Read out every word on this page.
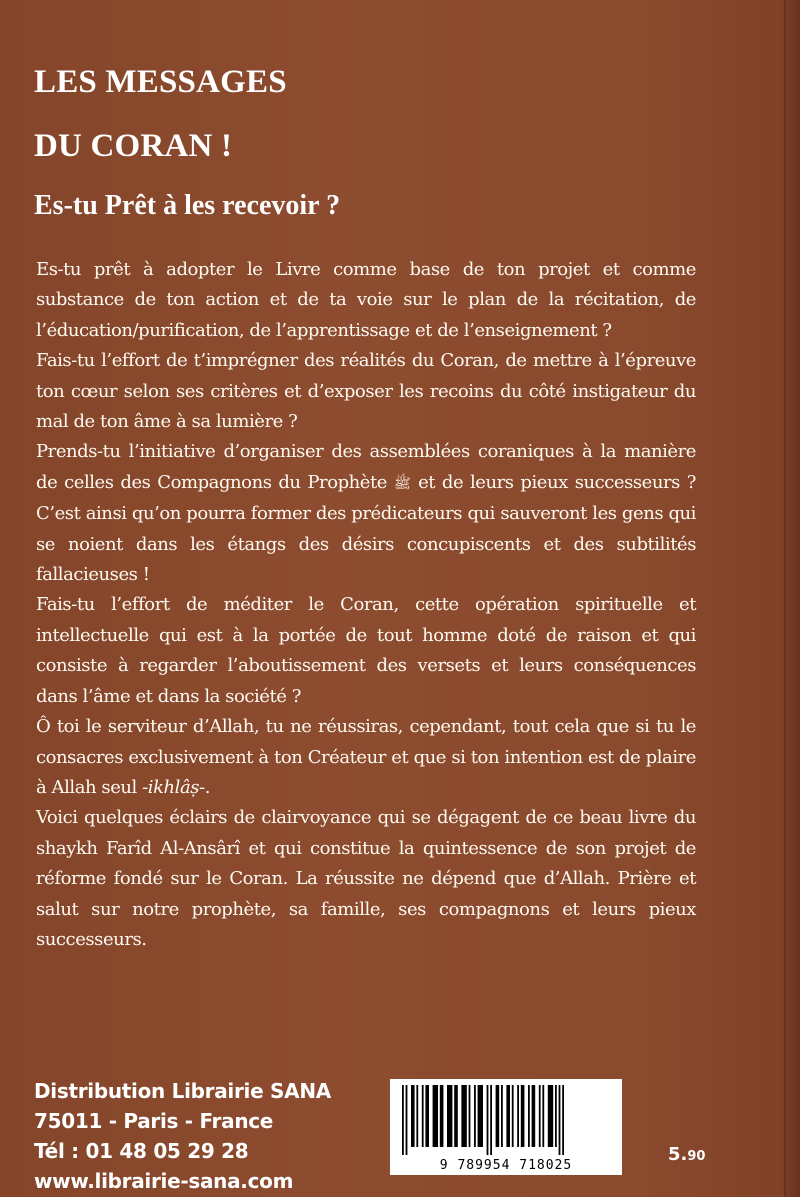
LES MESSAGES
DU CORAN !
Es-tu Prêt à les recevoir ?

Es-tu prêt à adopter le Livre comme base de ton projet et comme substance de ton action et de ta voie sur le plan de la récitation, de l’éducation/purification, de l’apprentissage et de l’enseignement ?

Fais-tu l’effort de t’imprégner des réalités du Coran, de mettre à l’épreuve ton cœur selon ses critères et d’exposer les recoins du côté instigateur du mal de ton âme à sa lumière ?

Prends-tu l’initiative d’organiser des assemblées coraniques à la manière de celles des Compagnons du Prophète ﷺ et de leurs pieux successeurs ? C’est ainsi qu’on pourra former des prédicateurs qui sauveront les gens qui se noient dans les étangs des désirs concupiscents et des subtilités fallacieuses !

Fais-tu l’effort de méditer le Coran, cette opération spirituelle et intellectuelle qui est à la portée de tout homme doté de raison et qui consiste à regarder l’aboutissement des versets et leurs conséquences dans l’âme et dans la société ?

Ô toi le serviteur d’Allah, tu ne réussiras, cependant, tout cela que si tu le consacres exclusivement à ton Créateur et que si ton intention est de plaire à Allah seul -ikhlâṣ-.

Voici quelques éclairs de clairvoyance qui se dégagent de ce beau livre du shaykh Farîd Al-Ansârî et qui constitue la quintessence de son projet de réforme fondé sur le Coran. La réussite ne dépend que d’Allah. Prière et salut sur notre prophète, sa famille, ses compagnons et leurs pieux successeurs.

Distribution Librairie SANA
75011 - Paris - France
Tél : 01 48 05 29 28
www.librairie-sana.com
9 789954 718025
5.90
